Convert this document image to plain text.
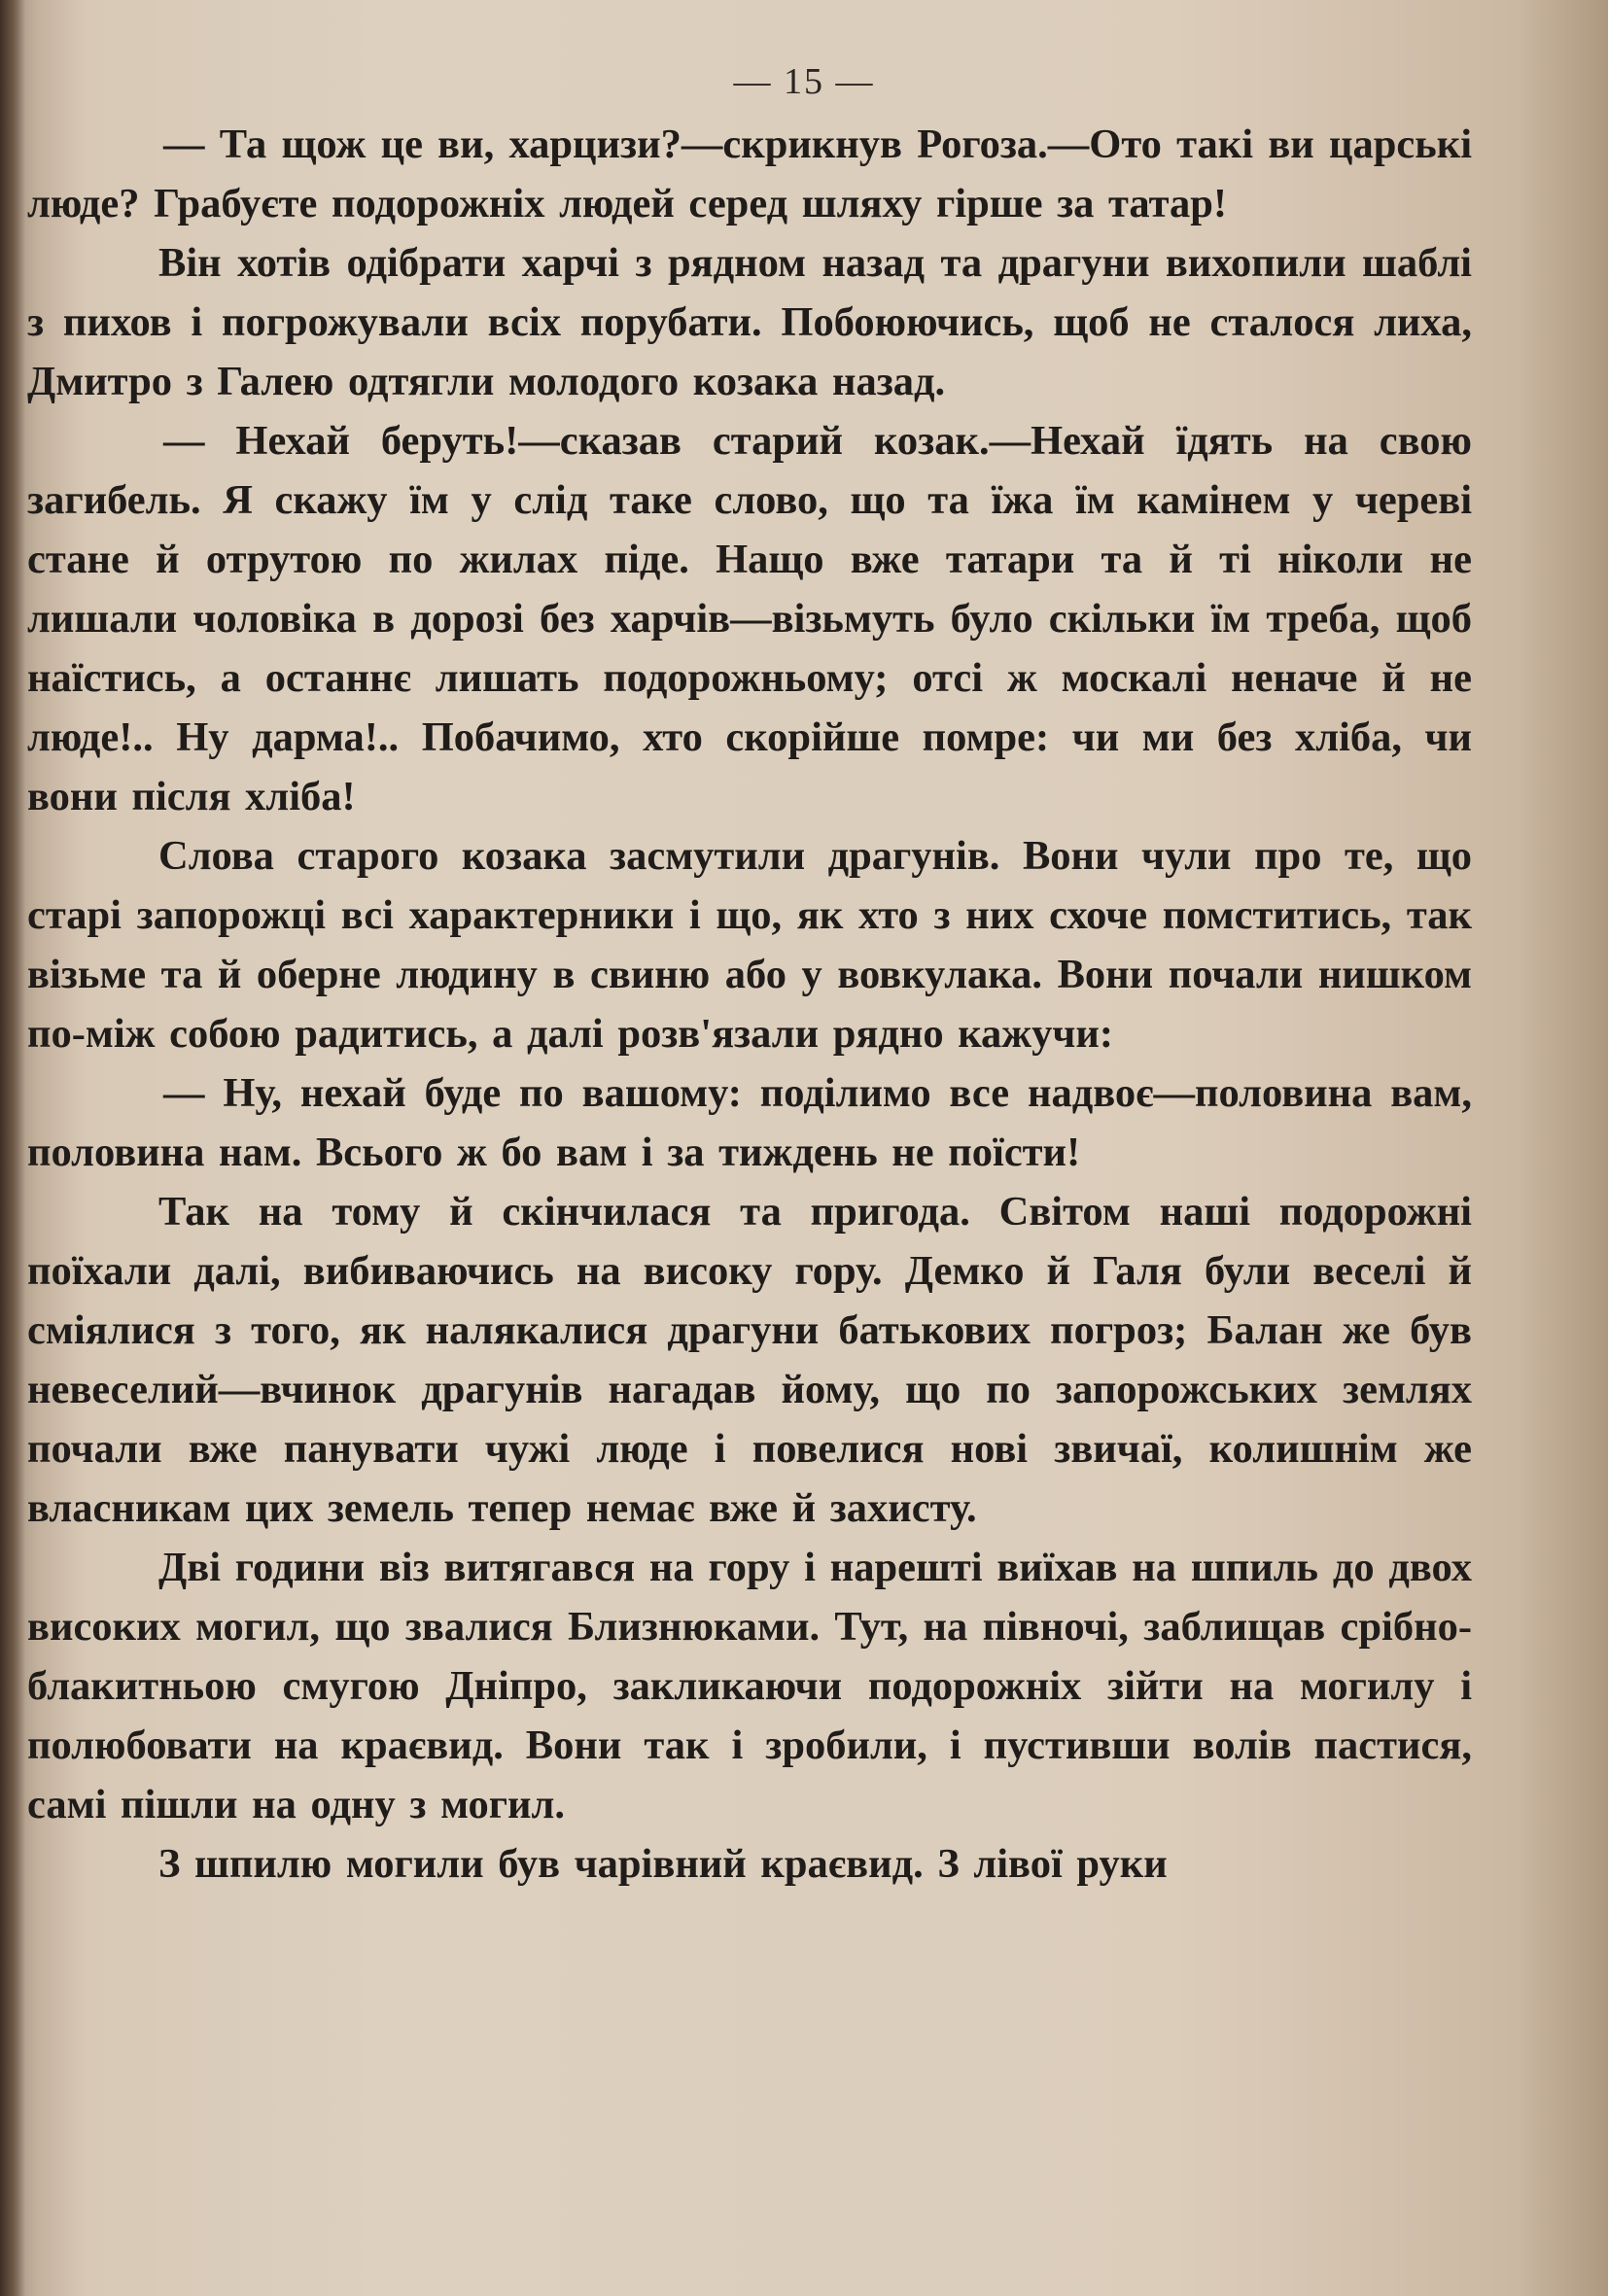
— 15 —

— Та щож це ви, харцизи?—скрикнув Рогоза.—Ото такі ви царські люде? Грабуєте подорожніх людей серед шляху гірше за татар!

Він хотів одібрати харчі з рядном назад та драгуни вихопили шаблі з пихов і погрожували всіх порубати. Побоюючись, щоб не сталося лиха, Дмитро з Галею одтягли молодого козака назад.

— Нехай беруть!—сказав старий козак.—Нехай їдять на свою загибель. Я скажу їм у слід таке слово, що та їжа їм камінем у череві стане й отрутою по жилах піде. Нащо вже татари та й ті ніколи не лишали чоловіка в дорозі без харчів—візьмуть було скільки їм треба, щоб наїстись, а останнє лишать подорожньому; отсі ж москалі неначе й не люде!.. Ну дарма!.. Побачимо, хто скорійше помре: чи ми без хліба, чи вони після хліба!

Слова старого козака засмутили драгунів. Вони чули про те, що старі запорожці всі характерники і що, як хто з них схоче помститись, так візьме та й оберне людину в свиню або у вовкулака. Вони почали нишком по-між собою радитись, а далі розв'язали рядно кажучи:

— Ну, нехай буде по вашому: поділимо все надвоє—половина вам, половина нам. Всього ж бо вам і за тиждень не поїсти!

Так на тому й скінчилася та пригода. Світом наші подорожні поїхали далі, вибиваючись на високу гору. Демко й Галя були веселі й сміялися з того, як налякалися драгуни батькових погроз; Балан же був невеселий—вчинок драгунів нагадав йому, що по запорожських землях почали вже панувати чужі люде і повелися нові звичаї, колишнім же власникам цих земель тепер немає вже й захисту.

Дві години віз витягався на гору і нарешті виїхав на шпиль до двох високих могил, що звалися Близнюками. Тут, на півночі, заблищав срібно-блакитньою смугою Дніпро, закликаючи подорожніх зійти на могилу і полюбовати на краєвид. Вони так і зробили, і пустивши волів пастися, самі пішли на одну з могил.

З шпилю могили був чарівний краєвид. З лівої руки
